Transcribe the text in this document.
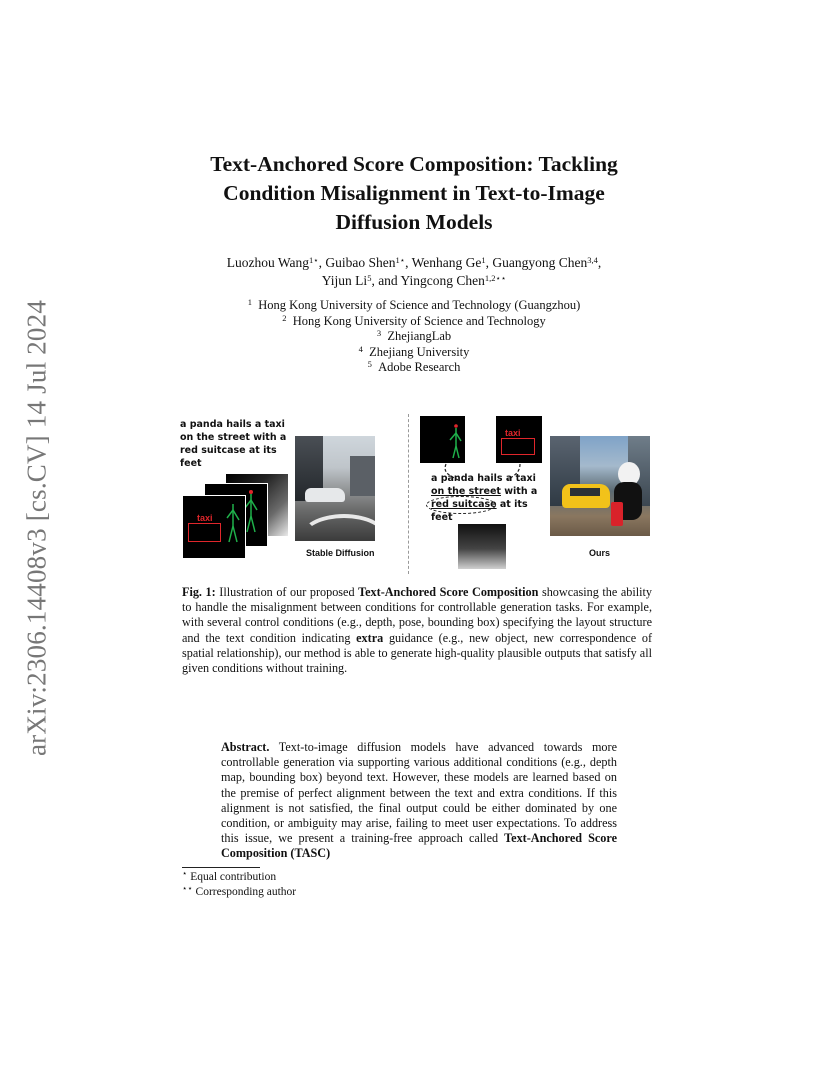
arXiv:2306.14408v3 [cs.CV] 14 Jul 2024
Text-Anchored Score Composition: Tackling
Condition Misalignment in Text-to-Image
Diffusion Models
Luozhou Wang$^{1⋆}$, Guibao Shen$^{1⋆}$, Wenhang Ge$^1$, Guangyong Chen$^{3,4}$,
Yijun Li$^5$, and Yingcong Chen$^{1,2⋆⋆}$
$^1$ Hong Kong University of Science and Technology (Guangzhou)
$^2$ Hong Kong University of Science and Technology
$^3$ ZhejiangLab
$^4$ Zhejiang University
$^5$ Adobe Research
a panda hails a taxi
on the street with a
red suitcase at its feet
taxi
Stable Diffusion
taxi
a panda hails a taxi
on the street with a
red suitcase at its feet
Ours
Fig. 1: Illustration of our proposed Text-Anchored Score Composition showcasing the ability to handle the misalignment between conditions for controllable generation tasks. For example, with several control conditions (e.g., depth, pose, bounding box) specifying the layout structure and the text condition indicating extra guidance (e.g., new object, new correspondence of spatial relationship), our method is able to generate high-quality plausible outputs that satisfy all given conditions without training.
Abstract. Text-to-image diffusion models have advanced towards more controllable generation via supporting various additional conditions (e.g., depth map, bounding box) beyond text. However, these models are learned based on the premise of perfect alignment between the text and extra conditions. If this alignment is not satisfied, the final output could be either dominated by one condition, or ambiguity may arise, failing to meet user expectations. To address this issue, we present a training-free approach called Text-Anchored Score Composition (TASC)
⋆ Equal contribution
⋆⋆ Corresponding author
